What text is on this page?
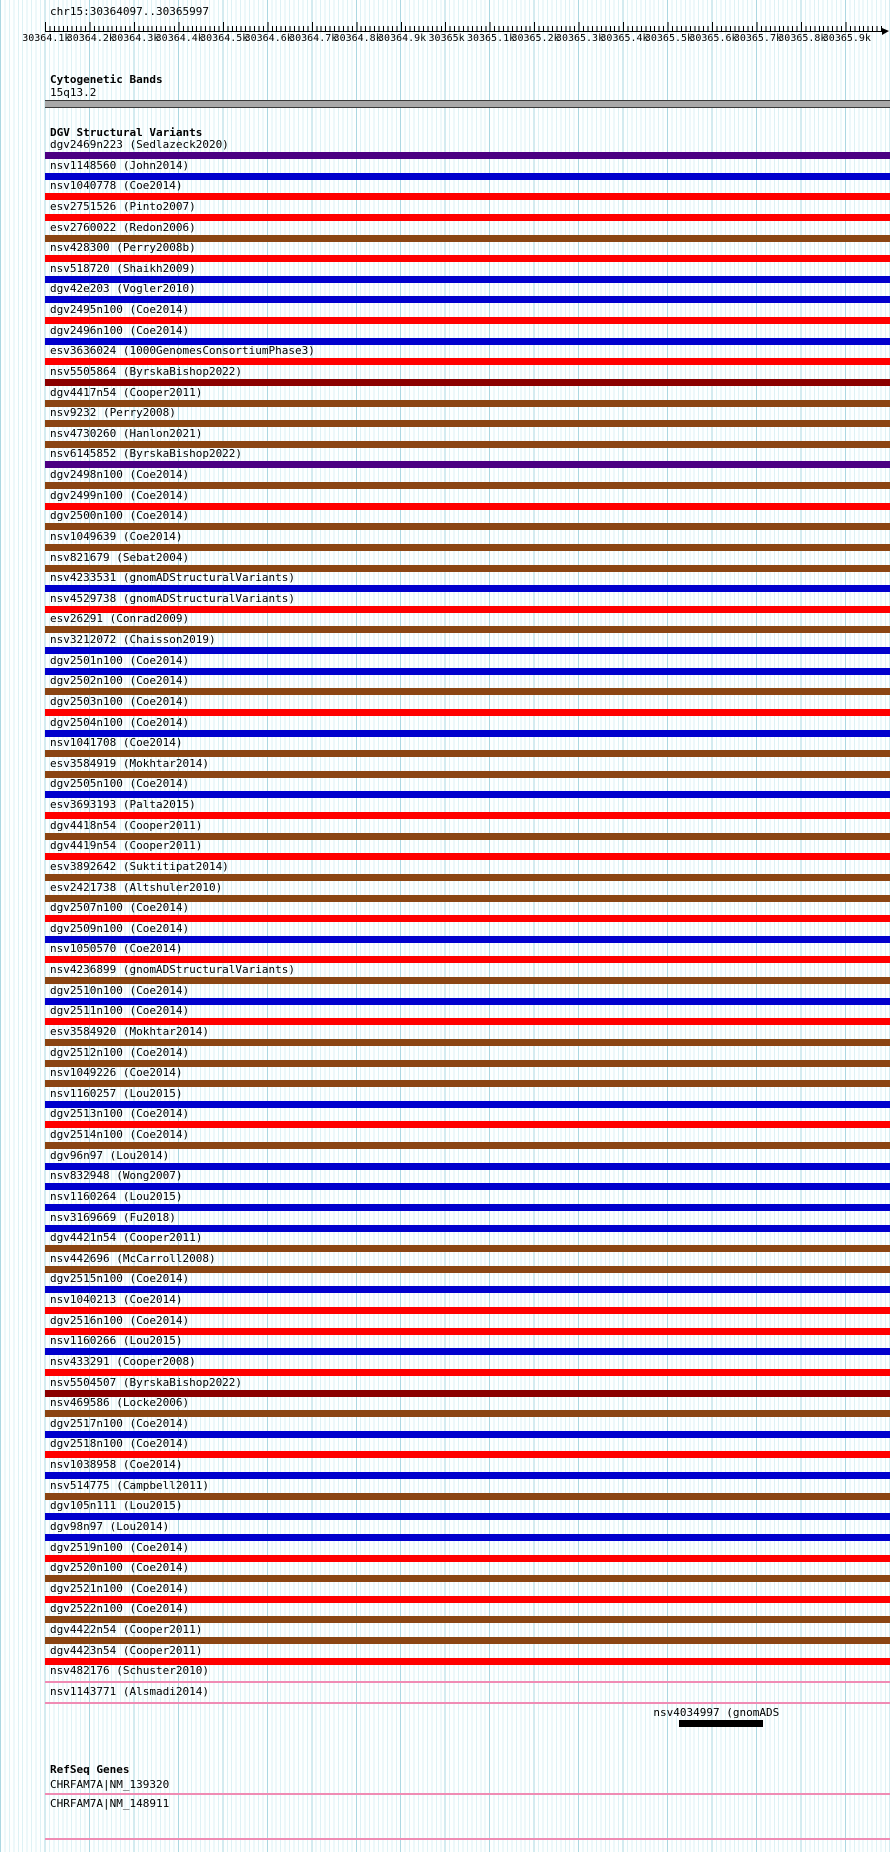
chr15:30364097..30365997
30364.1k
30364.2k
30364.3k
30364.4k
30364.5k
30364.6k
30364.7k
30364.8k
30364.9k 30365k 30365.1k
30365.2k
30365.3k
30365.4k
30365.5k
30365.6k
30365.7k
30365.8k
30365.9k
Cytogenetic Bands
15q13.2
DGV Structural Variants
dgv2469n223 (Sedlazeck2020)
nsv1148560 (John2014)
nsv1040778 (Coe2014)
esv2751526 (Pinto2007)
esv2760022 (Redon2006)
nsv428300 (Perry2008b)
nsv518720 (Shaikh2009)
dgv42e203 (Vogler2010)
dgv2495n100 (Coe2014)
dgv2496n100 (Coe2014)
esv3636024 (1000GenomesConsortiumPhase3)
nsv5505864 (ByrskaBishop2022)
dgv4417n54 (Cooper2011)
nsv9232 (Perry2008)
nsv4730260 (Hanlon2021)
nsv6145852 (ByrskaBishop2022)
dgv2498n100 (Coe2014)
dgv2499n100 (Coe2014)
dgv2500n100 (Coe2014)
nsv1049639 (Coe2014)
nsv821679 (Sebat2004)
nsv4233531 (gnomADStructuralVariants)
nsv4529738 (gnomADStructuralVariants)
esv26291 (Conrad2009)
nsv3212072 (Chaisson2019)
dgv2501n100 (Coe2014)
dgv2502n100 (Coe2014)
dgv2503n100 (Coe2014)
dgv2504n100 (Coe2014)
nsv1041708 (Coe2014)
esv3584919 (Mokhtar2014)
dgv2505n100 (Coe2014)
esv3693193 (Palta2015)
dgv4418n54 (Cooper2011)
dgv4419n54 (Cooper2011)
esv3892642 (Suktitipat2014)
esv2421738 (Altshuler2010)
dgv2507n100 (Coe2014)
dgv2509n100 (Coe2014)
nsv1050570 (Coe2014)
nsv4236899 (gnomADStructuralVariants)
dgv2510n100 (Coe2014)
dgv2511n100 (Coe2014)
esv3584920 (Mokhtar2014)
dgv2512n100 (Coe2014)
nsv1049226 (Coe2014)
nsv1160257 (Lou2015)
dgv2513n100 (Coe2014)
dgv2514n100 (Coe2014)
dgv96n97 (Lou2014)
nsv832948 (Wong2007)
nsv1160264 (Lou2015)
nsv3169669 (Fu2018)
dgv4421n54 (Cooper2011)
nsv442696 (McCarroll2008)
dgv2515n100 (Coe2014)
nsv1040213 (Coe2014)
dgv2516n100 (Coe2014)
nsv1160266 (Lou2015)
nsv433291 (Cooper2008)
nsv5504507 (ByrskaBishop2022)
nsv469586 (Locke2006)
dgv2517n100 (Coe2014)
dgv2518n100 (Coe2014)
nsv1038958 (Coe2014)
nsv514775 (Campbell2011)
dgv105n111 (Lou2015)
dgv98n97 (Lou2014)
dgv2519n100 (Coe2014)
dgv2520n100 (Coe2014)
dgv2521n100 (Coe2014)
dgv2522n100 (Coe2014)
dgv4422n54 (Cooper2011)
dgv4423n54 (Cooper2011)
nsv482176 (Schuster2010)
nsv1143771 (Alsmadi2014)
nsv4034997 (gnomADS
RefSeq Genes
CHRFAM7A|NM_139320
CHRFAM7A|NM_148911
